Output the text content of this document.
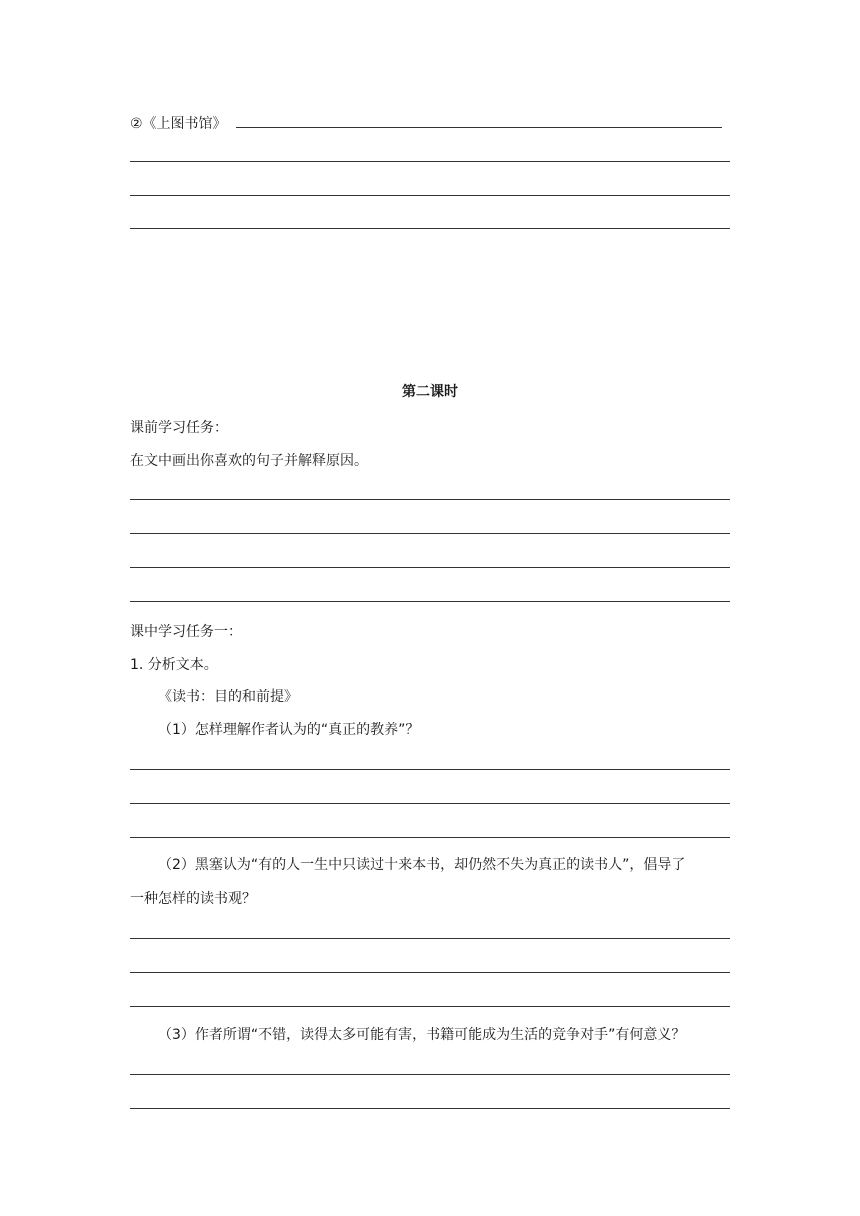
②《上图书馆》
第二课时
课前学习任务：
在文中画出你喜欢的句子并解释原因。
课中学习任务一：
1. 分析文本。
《读书：目的和前提》
（1）怎样理解作者认为的“真正的教养”？
（2）黑塞认为“有的人一生中只读过十来本书，却仍然不失为真正的读书人”，倡导了
一种怎样的读书观？
（3）作者所谓“不错，读得太多可能有害，书籍可能成为生活的竞争对手”有何意义？
